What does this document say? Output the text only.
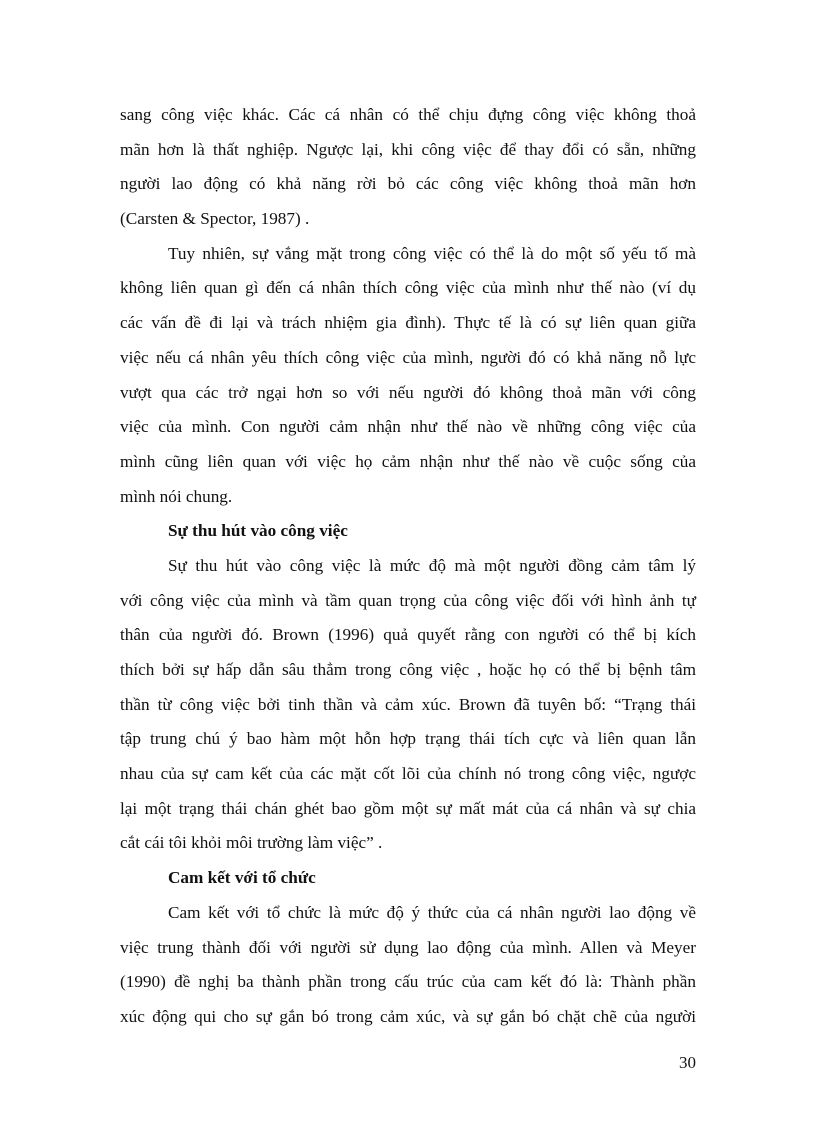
sang công việc khác. Các cá nhân có thể chịu đựng công việc không thoả
mãn hơn là thất nghiệp. Ngược lại, khi công việc để thay đổi có sẵn, những
người lao động có khả năng rời bỏ các công việc không thoả mãn hơn
(Carsten & Spector, 1987) .
Tuy nhiên, sự vắng mặt trong công việc có thể là do một số yếu tố mà
không liên quan gì đến cá nhân thích công việc của mình như thế nào (ví dụ
các vấn đề đi lại và trách nhiệm gia đình). Thực tế là có sự liên quan giữa
việc nếu cá nhân yêu thích công việc của mình, người đó có khả năng nỗ lực
vượt qua các trở ngại hơn so với nếu người đó không thoả mãn với công
việc của mình. Con người cảm nhận như thế nào về những công việc của
mình cũng liên quan với việc họ cảm nhận như thế nào về cuộc sống của
mình nói chung.
Sự thu hút vào công việc
Sự thu hút vào công việc là mức độ mà một người đồng cảm tâm lý
với công việc của mình và tầm quan trọng của công việc đối với hình ảnh tự
thân của người đó. Brown (1996) quả quyết rằng con người có thể bị kích
thích bởi sự hấp dẫn sâu thẳm trong công việc , hoặc họ có thể bị bệnh tâm
thần từ công việc bởi tinh thần và cảm xúc. Brown đã tuyên bố: “Trạng thái
tập trung chú ý bao hàm một hỗn hợp trạng thái tích cực và liên quan lẫn
nhau của sự cam kết của các mặt cốt lõi của chính nó trong công việc, ngược
lại một trạng thái chán ghét bao gồm một sự mất mát của cá nhân và sự chia
cắt cái tôi khỏi môi trường làm việc” .
Cam kết với tổ chức
Cam kết với tổ chức là mức độ ý thức của cá nhân người lao động về
việc trung thành đối với người sử dụng lao động của mình. Allen và Meyer
(1990) đề nghị ba thành phần trong cấu trúc của cam kết đó là: Thành phần
xúc động qui cho sự gắn bó trong cảm xúc, và sự gắn bó chặt chẽ của người
30
